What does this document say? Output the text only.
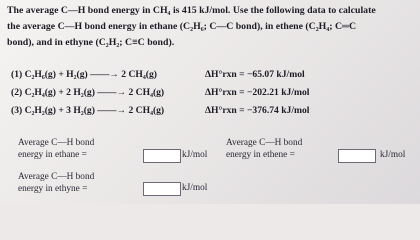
The average C—H bond energy in CH₄ is 415 kJ/mol. Use the following data to calculate
the average C—H bond energy in ethane (C₂H₆; C—C bond), in ethene (C₂H₄; C═C
bond), and in ethyne (C₂H₂; C≡C bond).
(1) C₂H₆(g) + H₂(g) ——→ 2 CH₄(g)	ΔH°rxn = −65.07 kJ/mol
(2) C₂H₄(g) + 2 H₂(g) ——→ 2 CH₄(g)	ΔH°rxn = −202.21 kJ/mol
(3) C₂H₂(g) + 3 H₂(g) ——→ 2 CH₄(g)	ΔH°rxn = −376.74 kJ/mol
Average C—H bond
energy in ethane =	kJ/mol
Average C—H bond
energy in ethene =	kJ/mol
Average C—H bond
energy in ethyne =	kJ/mol
